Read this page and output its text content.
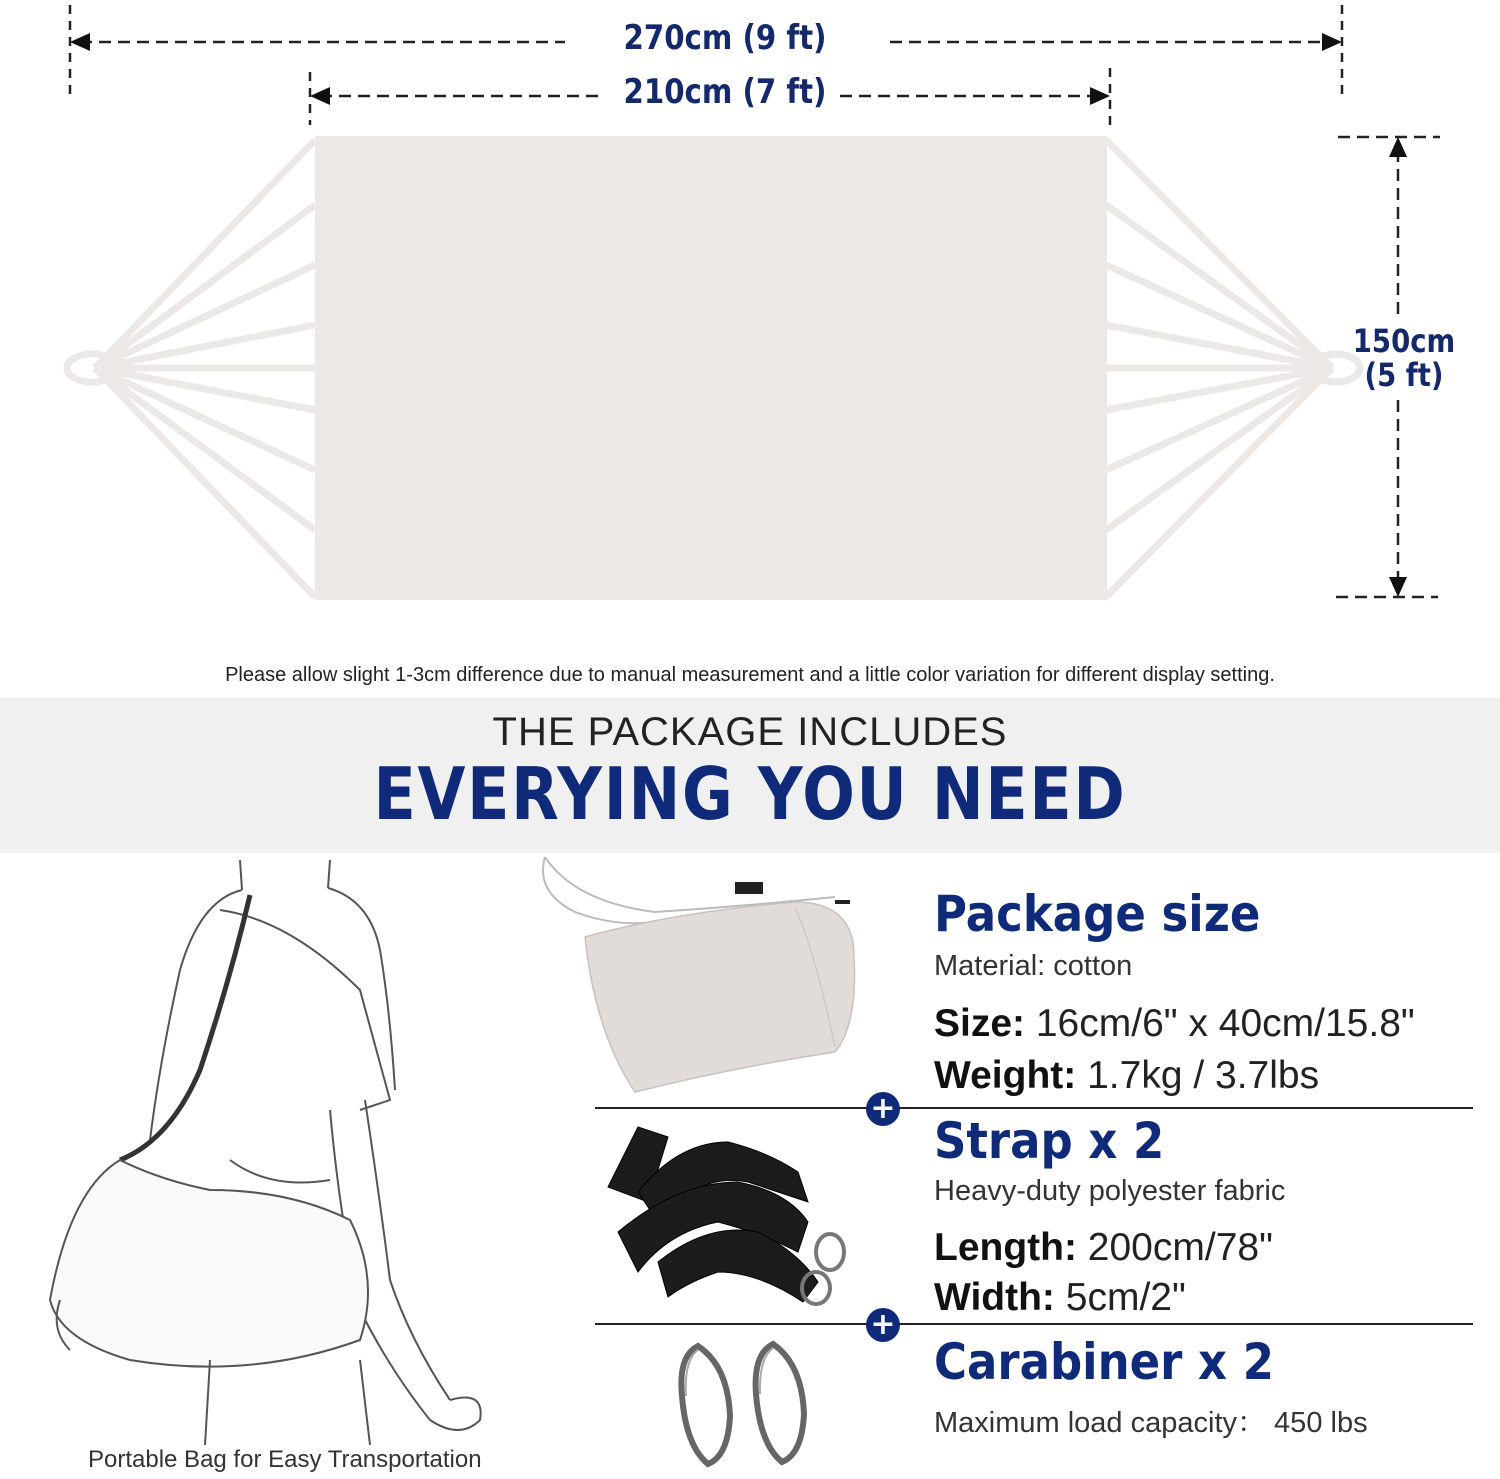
270cm (9 ft)
210cm (7 ft)
150cm
(5 ft)
Please allow slight 1-3cm difference due to manual measurement and a little color variation for different display setting.
THE PACKAGE INCLUDES
EVERYING YOU NEED
Portable Bag for Easy Transportation
Package size
Material: cotton
Size: 16cm/6" x 40cm/15.8"
Weight: 1.7kg / 3.7lbs
+
Strap x 2
Heavy-duty polyester fabric
Length: 200cm/78"
Width: 5cm/2"
+
Carabiner x 2
Maximum load capacity： 450 lbs
